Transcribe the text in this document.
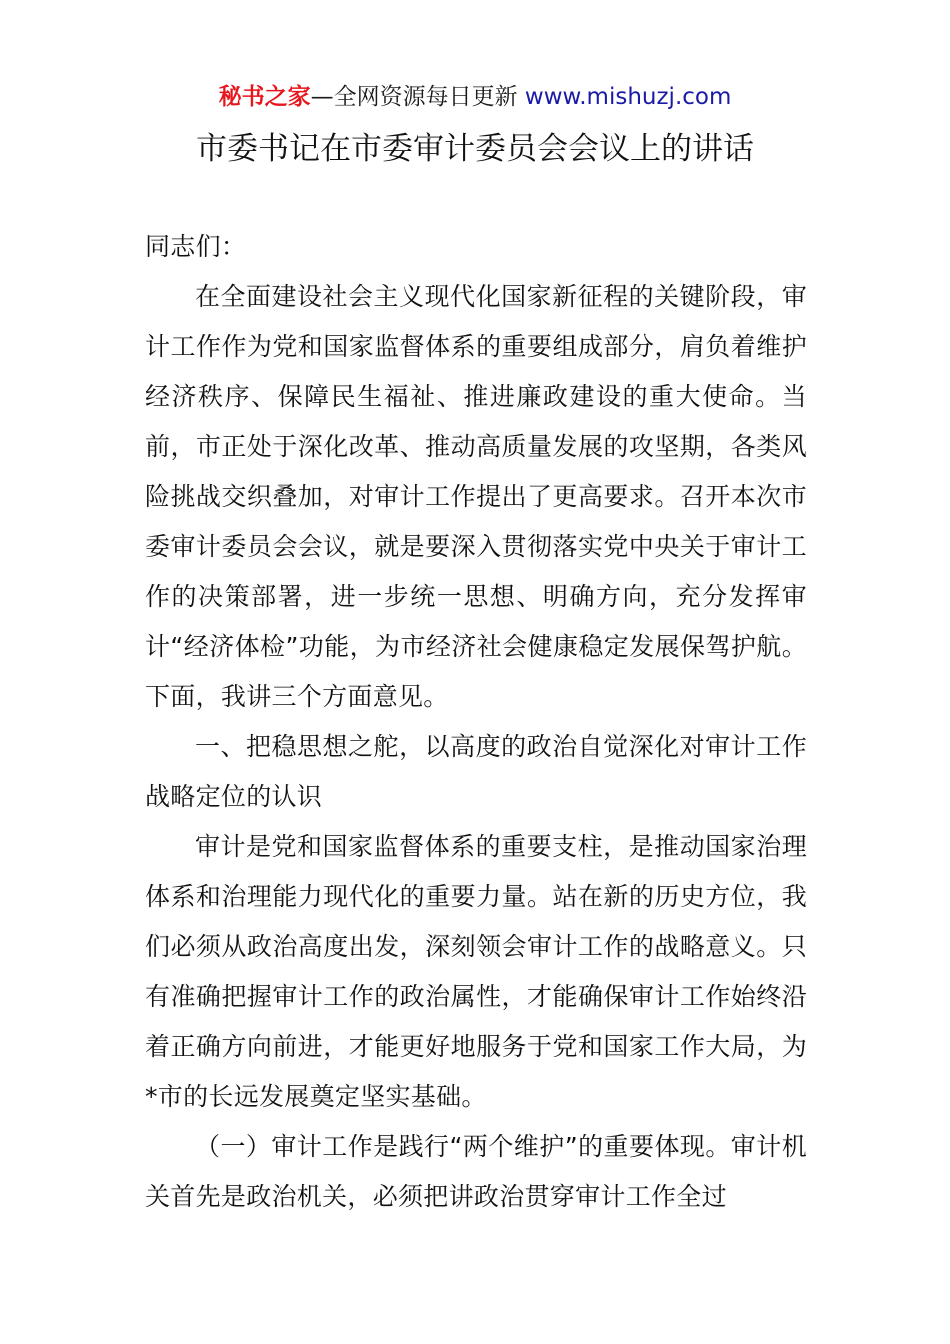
秘书之家—全网资源每日更新 www.mishuzj.com
市委书记在市委审计委员会会议上的讲话

同志们：

在全面建设社会主义现代化国家新征程的关键阶段，审计工作作为党和国家监督体系的重要组成部分，肩负着维护经济秩序、保障民生福祉、推进廉政建设的重大使命。当前，市正处于深化改革、推动高质量发展的攻坚期，各类风险挑战交织叠加，对审计工作提出了更高要求。召开本次市委审计委员会会议，就是要深入贯彻落实党中央关于审计工作的决策部署，进一步统一思想、明确方向，充分发挥审计“经济体检”功能，为市经济社会健康稳定发展保驾护航。下面，我讲三个方面意见。

一、把稳思想之舵，以高度的政治自觉深化对审计工作战略定位的认识

审计是党和国家监督体系的重要支柱，是推动国家治理体系和治理能力现代化的重要力量。站在新的历史方位，我们必须从政治高度出发，深刻领会审计工作的战略意义。只有准确把握审计工作的政治属性，才能确保审计工作始终沿着正确方向前进，才能更好地服务于党和国家工作大局，为*市的长远发展奠定坚实基础。

（一）审计工作是践行“两个维护”的重要体现。审计机关首先是政治机关，必须把讲政治贯穿审计工作全过
